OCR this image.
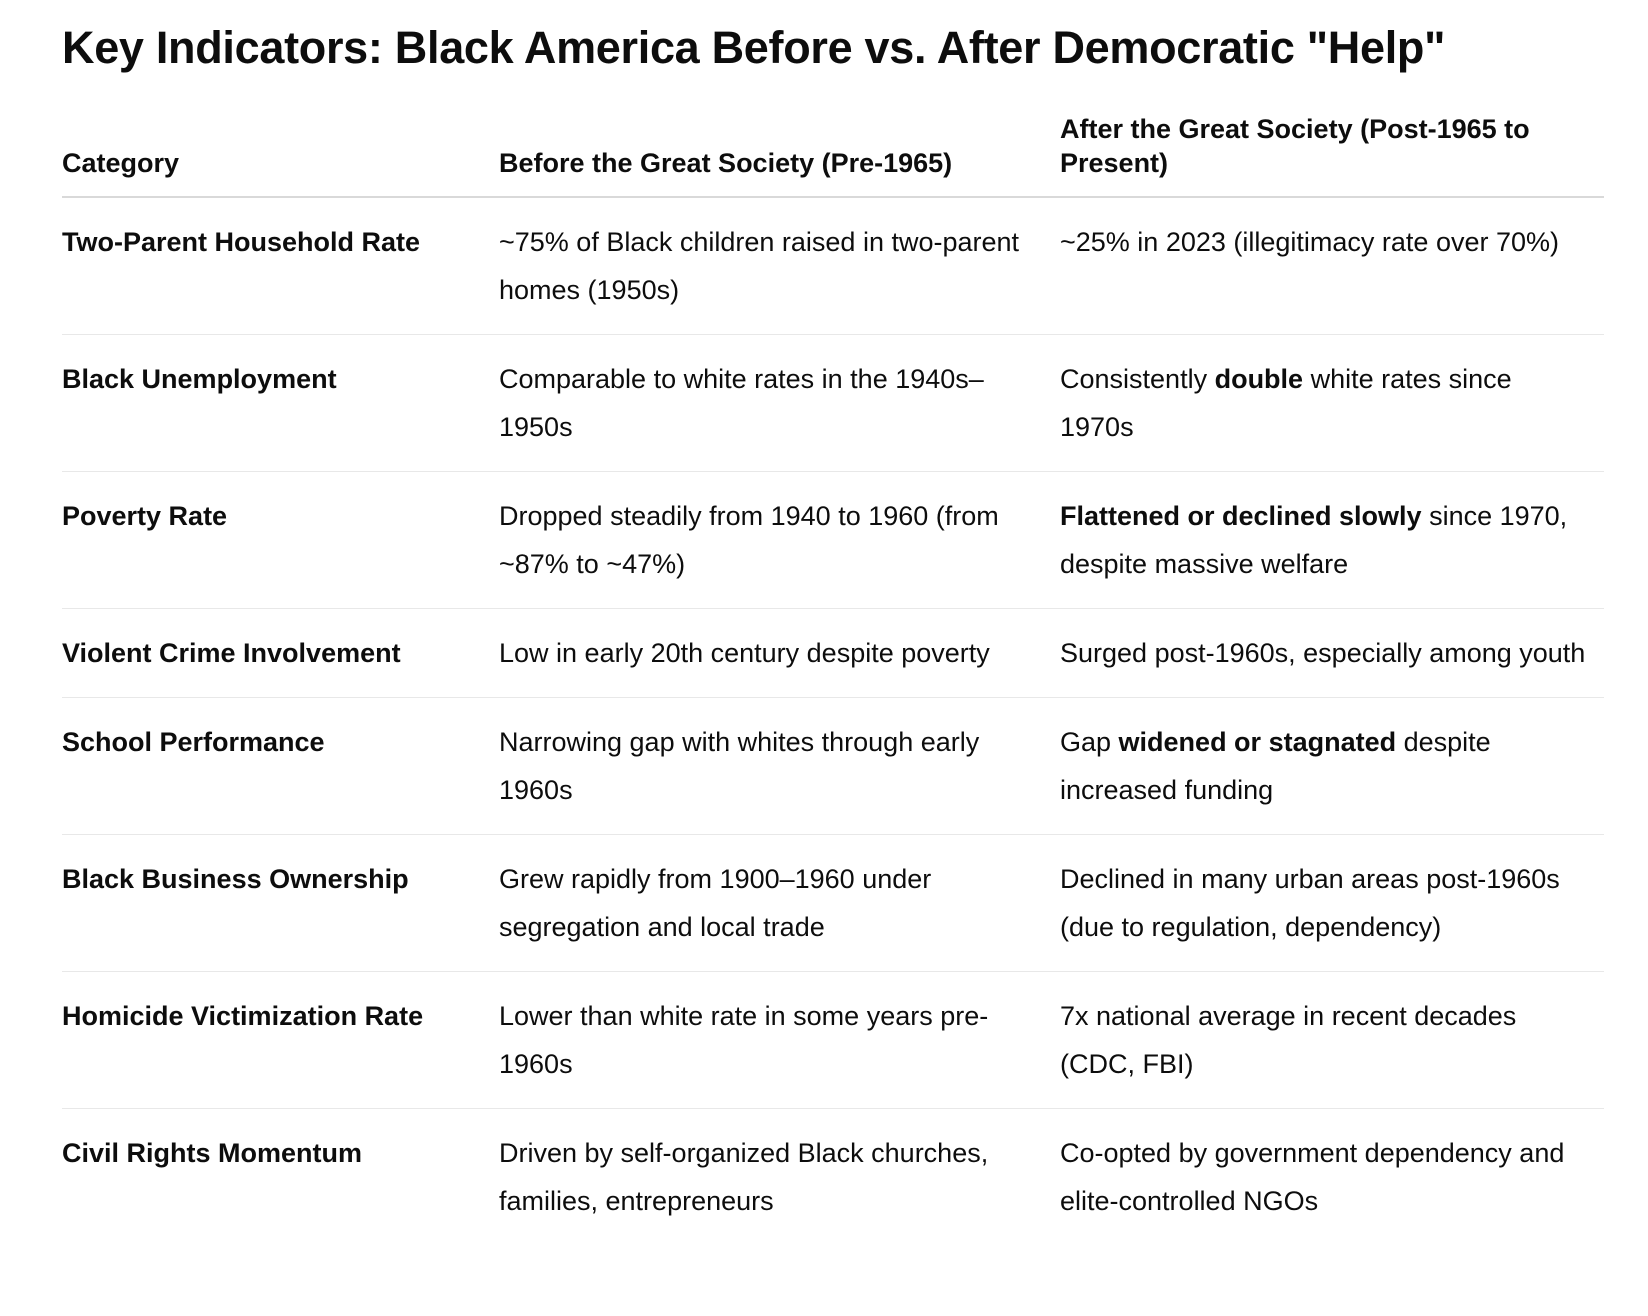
Key Indicators: Black America Before vs. After Democratic "Help"
Category	Before the Great Society (Pre-1965)	After the Great Society (Post-1965 to Present)
Two-Parent Household Rate	~75% of Black children raised in two-parent homes (1950s)	~25% in 2023 (illegitimacy rate over 70%)
Black Unemployment	Comparable to white rates in the 1940s–1950s	Consistently double white rates since 1970s
Poverty Rate	Dropped steadily from 1940 to 1960 (from ~87% to ~47%)	Flattened or declined slowly since 1970, despite massive welfare
Violent Crime Involvement	Low in early 20th century despite poverty	Surged post-1960s, especially among youth
School Performance	Narrowing gap with whites through early 1960s	Gap widened or stagnated despite increased funding
Black Business Ownership	Grew rapidly from 1900–1960 under segregation and local trade	Declined in many urban areas post-1960s (due to regulation, dependency)
Homicide Victimization Rate	Lower than white rate in some years pre-1960s	7x national average in recent decades (CDC, FBI)
Civil Rights Momentum	Driven by self-organized Black churches, families, entrepreneurs	Co-opted by government dependency and elite-controlled NGOs
